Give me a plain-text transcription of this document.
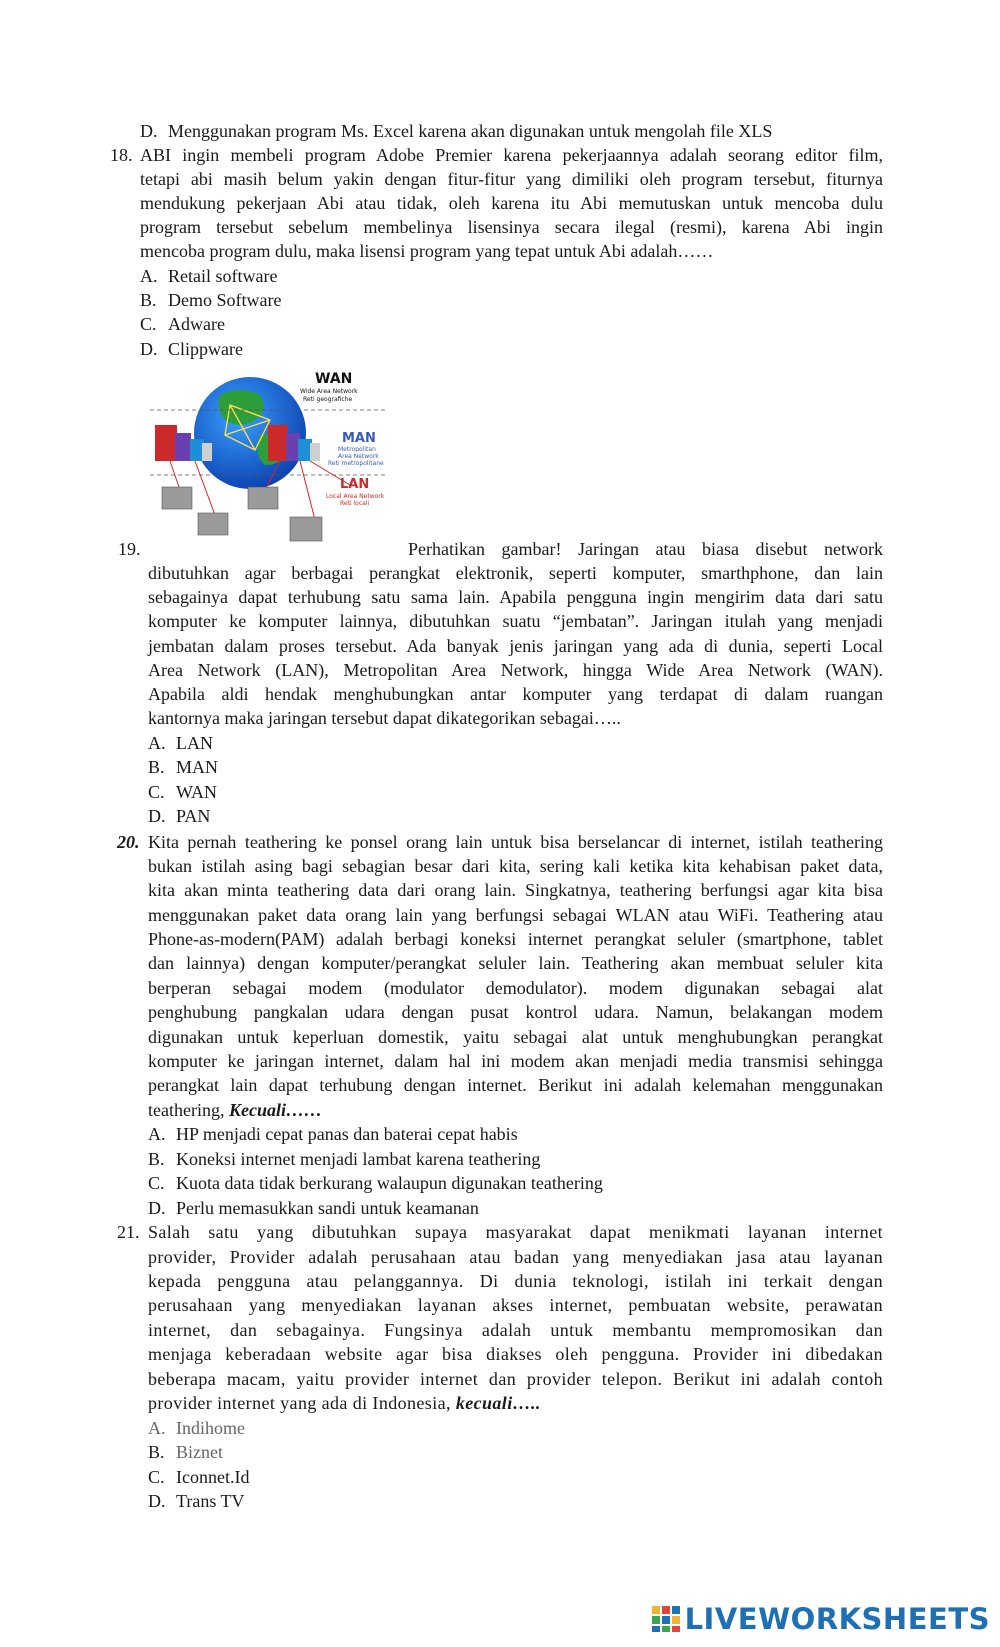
D. Menggunakan program Ms. Excel karena akan digunakan untuk mengolah file XLS
18. ABI ingin membeli program Adobe Premier karena pekerjaannya adalah seorang editor film,
tetapi abi masih belum yakin dengan fitur-fitur yang dimiliki oleh program tersebut, fiturnya
mendukung pekerjaan Abi atau tidak, oleh karena itu Abi memutuskan untuk mencoba dulu
program tersebut sebelum membelinya lisensinya secara ilegal (resmi), karena Abi ingin
mencoba program dulu, maka lisensi program yang tepat untuk Abi adalah……
A. Retail software
B. Demo Software
C. Adware
D. Clippware
WAN
Wide Area Network
Reti geografiche
MAN
Metropolitan
Area Network
Reti metropolitane
LAN
Local Area Network
Reti locali
19.	Perhatikan gambar! Jaringan atau biasa disebut network
dibutuhkan agar berbagai perangkat elektronik, seperti komputer, smarthphone, dan lain
sebagainya dapat terhubung satu sama lain. Apabila pengguna ingin mengirim data dari satu
komputer ke komputer lainnya, dibutuhkan suatu “jembatan”. Jaringan itulah yang menjadi
jembatan dalam proses tersebut. Ada banyak jenis jaringan yang ada di dunia, seperti Local
Area Network (LAN), Metropolitan Area Network, hingga Wide Area Network (WAN).
Apabila aldi hendak menghubungkan antar komputer yang terdapat di dalam ruangan
kantornya maka jaringan tersebut dapat dikategorikan sebagai…..
A. LAN
B. MAN
C. WAN
D. PAN
20. Kita pernah teathering ke ponsel orang lain untuk bisa berselancar di internet, istilah teathering
bukan istilah asing bagi sebagian besar dari kita, sering kali ketika kita kehabisan paket data,
kita akan minta teathering data dari orang lain. Singkatnya, teathering berfungsi agar kita bisa
menggunakan paket data orang lain yang berfungsi sebagai WLAN atau WiFi. Teathering atau
Phone-as-modern(PAM) adalah berbagi koneksi internet perangkat seluler (smartphone, tablet
dan lainnya) dengan komputer/perangkat seluler lain. Teathering akan membuat seluler kita
berperan sebagai modem (modulator demodulator). modem digunakan sebagai alat
penghubung pangkalan udara dengan pusat kontrol udara. Namun, belakangan modem
digunakan untuk keperluan domestik, yaitu sebagai alat untuk menghubungkan perangkat
komputer ke jaringan internet, dalam hal ini modem akan menjadi media transmisi sehingga
perangkat lain dapat terhubung dengan internet. Berikut ini adalah kelemahan menggunakan
teathering, Kecuali……
A. HP menjadi cepat panas dan baterai cepat habis
B. Koneksi internet menjadi lambat karena teathering
C. Kuota data tidak berkurang walaupun digunakan teathering
D. Perlu memasukkan sandi untuk keamanan
21. Salah satu yang dibutuhkan supaya masyarakat dapat menikmati layanan internet
provider, Provider adalah perusahaan atau badan yang menyediakan jasa atau layanan
kepada pengguna atau pelanggannya. Di dunia teknologi, istilah ini terkait dengan
perusahaan yang menyediakan layanan akses internet, pembuatan website, perawatan
internet, dan sebagainya. Fungsinya adalah untuk membantu mempromosikan dan
menjaga keberadaan website agar bisa diakses oleh pengguna. Provider ini dibedakan
beberapa macam, yaitu provider internet dan provider telepon. Berikut ini adalah contoh
provider internet yang ada di Indonesia, kecuali…..
A. Indihome
B. Biznet
C. Iconnet.Id
D. Trans TV
LIVEWORKSHEETS
